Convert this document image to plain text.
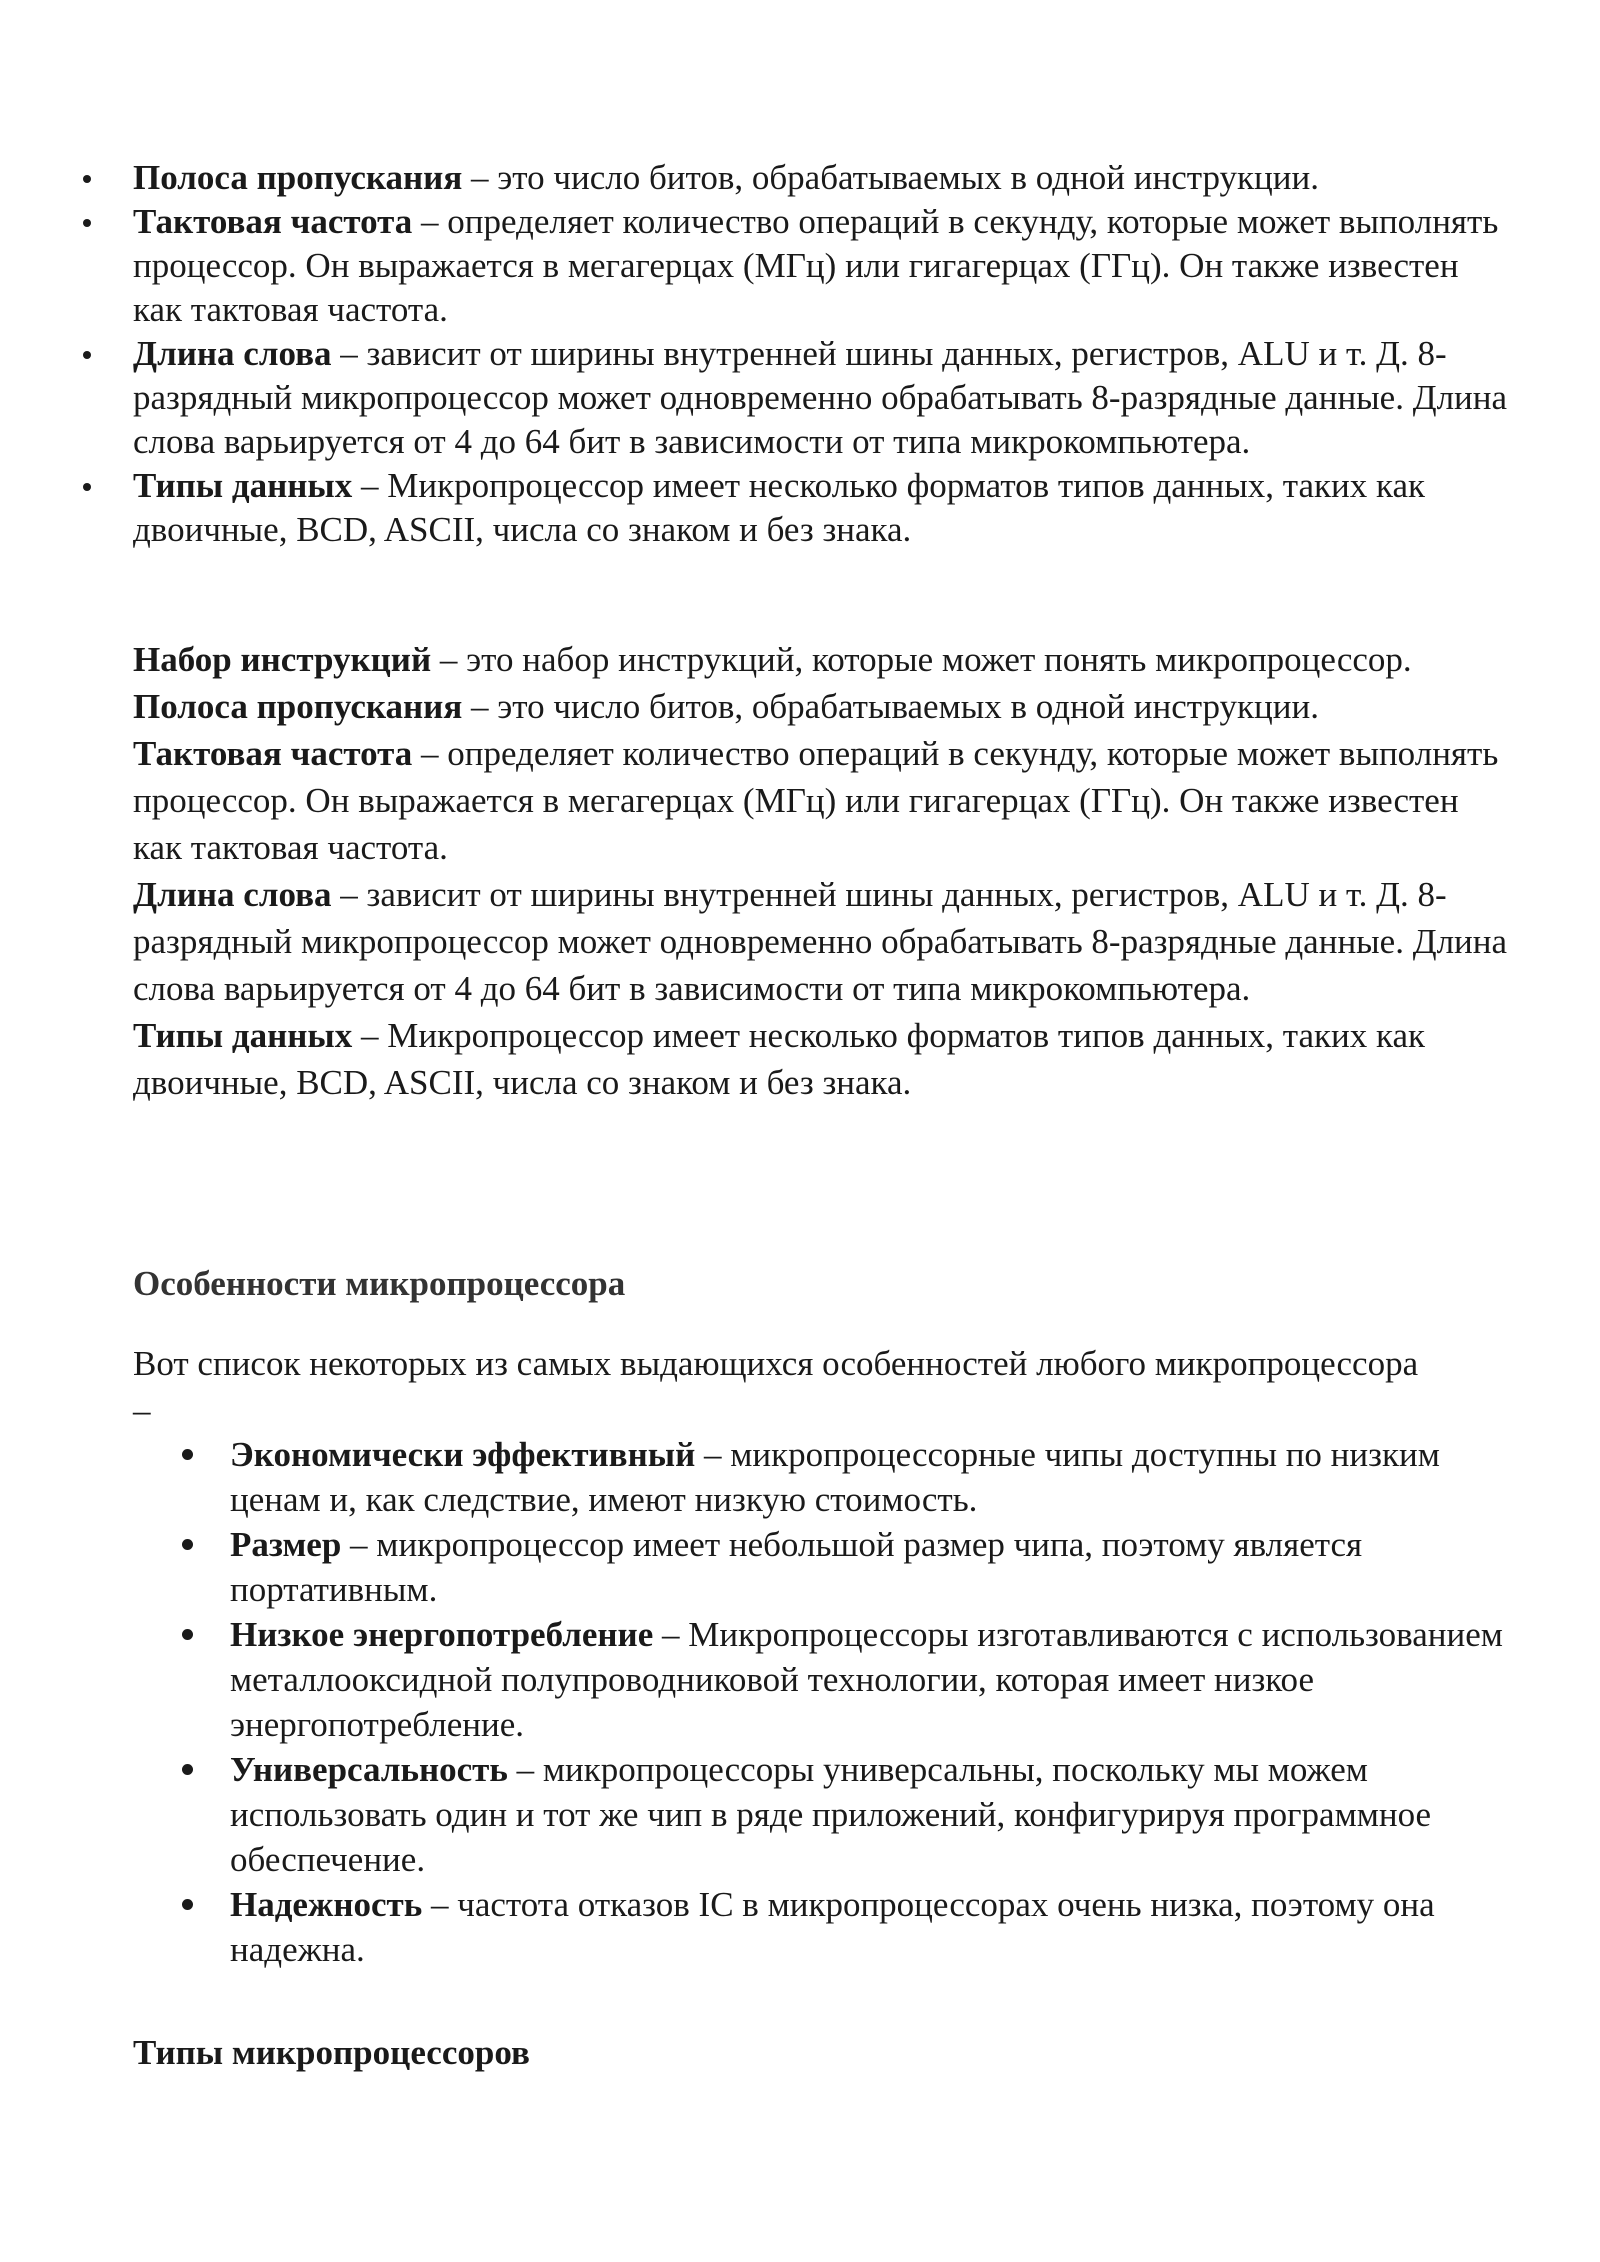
Полоса пропускания – это число битов, обрабатываемых в одной инструкции.
Тактовая частота – определяет количество операций в секунду, которые может выполнять процессор. Он выражается в мегагерцах (МГц) или гигагерцах (ГГц). Он также известен как тактовая частота.
Длина слова – зависит от ширины внутренней шины данных, регистров, ALU и т. Д. 8-разрядный микропроцессор может одновременно обрабатывать 8-разрядные данные. Длина слова варьируется от 4 до 64 бит в зависимости от типа микрокомпьютера.
Типы данных – Микропроцессор имеет несколько форматов типов данных, таких как двоичные, BCD, ASCII, числа со знаком и без знака.

Набор инструкций – это набор инструкций, которые может понять микропроцессор.

Полоса пропускания – это число битов, обрабатываемых в одной инструкции.

Тактовая частота – определяет количество операций в секунду, которые может выполнять процессор. Он выражается в мегагерцах (МГц) или гигагерцах (ГГц). Он также известен как тактовая частота.

Длина слова – зависит от ширины внутренней шины данных, регистров, ALU и т. Д. 8-разрядный микропроцессор может одновременно обрабатывать 8-разрядные данные. Длина слова варьируется от 4 до 64 бит в зависимости от типа микрокомпьютера.

Типы данных – Микропроцессор имеет несколько форматов типов данных, таких как двоичные, BCD, ASCII, числа со знаком и без знака.

Особенности микропроцессора

Вот список некоторых из самых выдающихся особенностей любого микропроцессора –

Экономически эффективный – микропроцессорные чипы доступны по низким ценам и, как следствие, имеют низкую стоимость.
Размер – микропроцессор имеет небольшой размер чипа, поэтому является портативным.
Низкое энергопотребление – Микропроцессоры изготавливаются с использованием металлооксидной полупроводниковой технологии, которая имеет низкое энергопотребление.
Универсальность – микропроцессоры универсальны, поскольку мы можем использовать один и тот же чип в ряде приложений, конфигурируя программное обеспечение.
Надежность – частота отказов IC в микропроцессорах очень низка, поэтому она надежна.
Типы микропроцессоров
